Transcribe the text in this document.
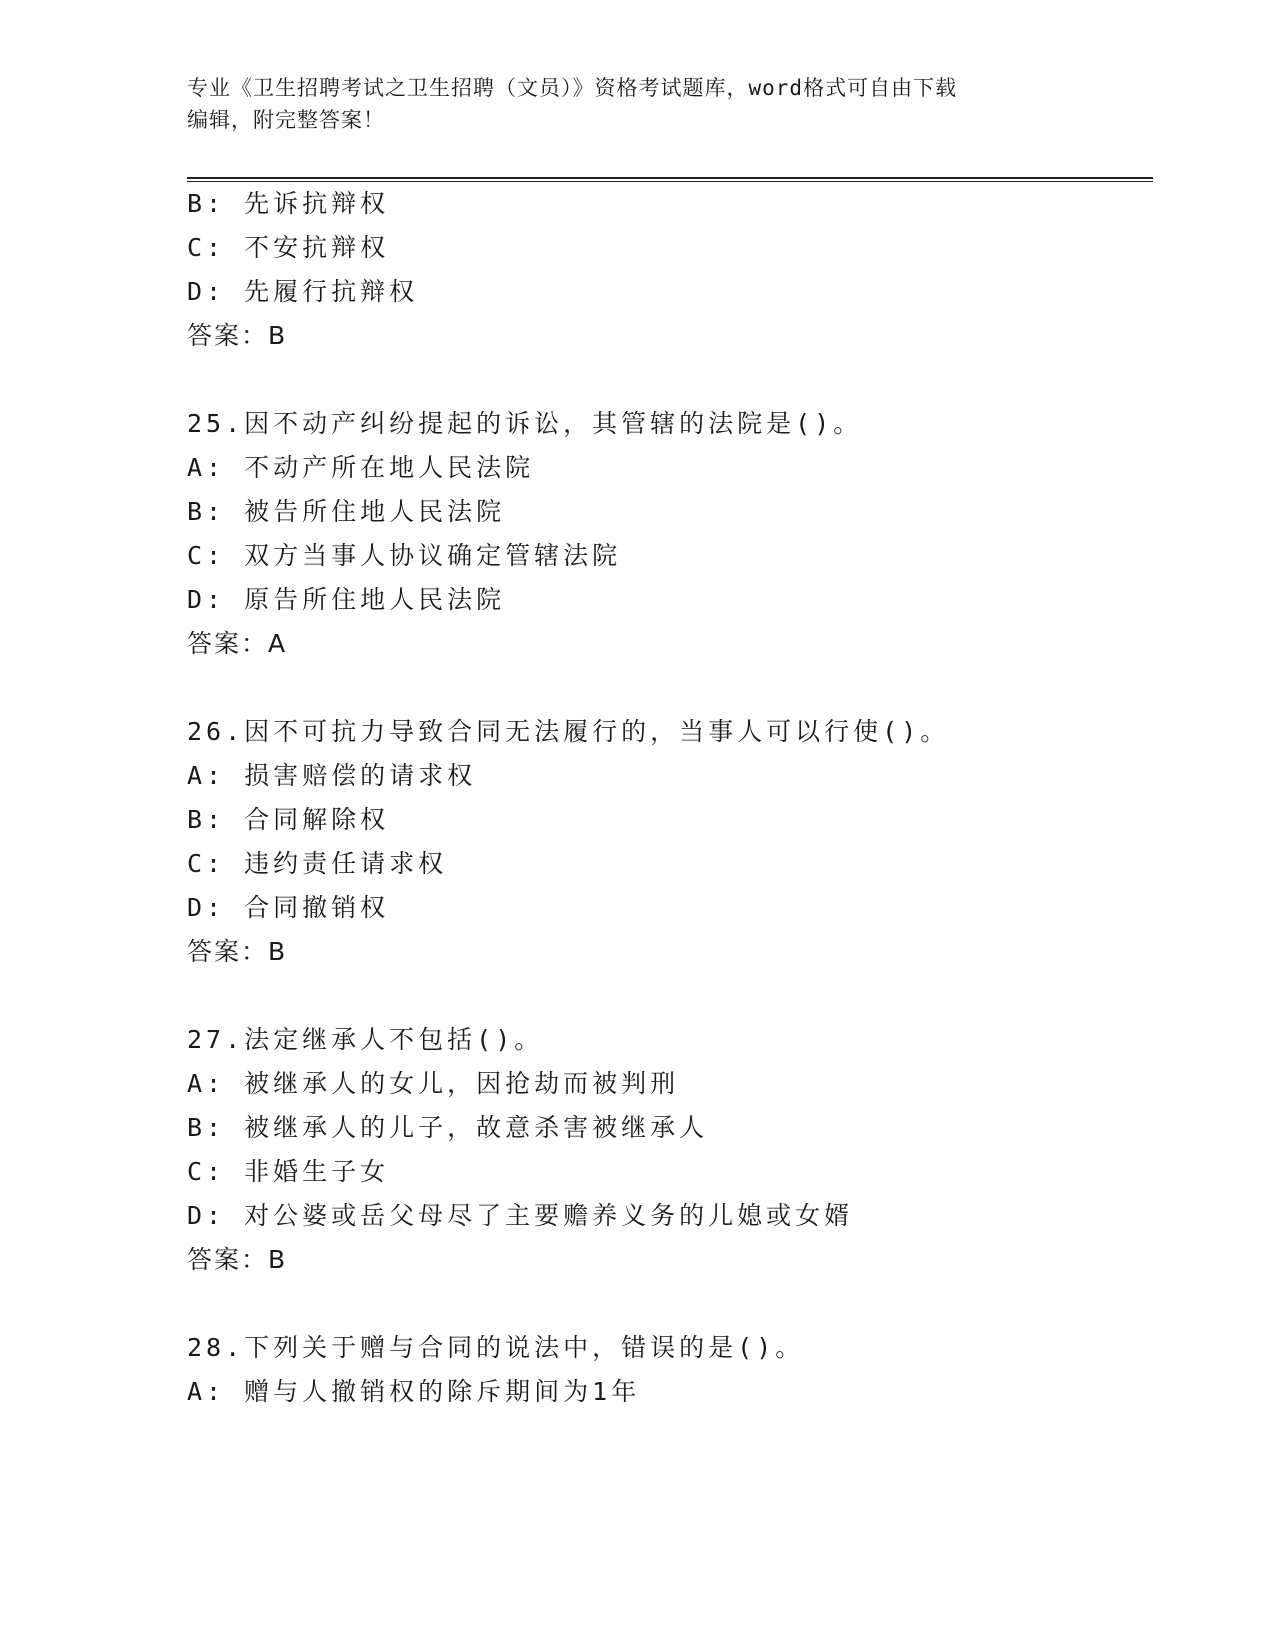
专业《卫生招聘考试之卫生招聘（文员）》资格考试题库，word格式可自由下载
编辑，附完整答案！
B: 先诉抗辩权
C: 不安抗辩权
D: 先履行抗辩权
答案：B
25.因不动产纠纷提起的诉讼，其管辖的法院是()。
A: 不动产所在地人民法院
B: 被告所住地人民法院
C: 双方当事人协议确定管辖法院
D: 原告所住地人民法院
答案：A
26.因不可抗力导致合同无法履行的，当事人可以行使()。
A: 损害赔偿的请求权
B: 合同解除权
C: 违约责任请求权
D: 合同撤销权
答案：B
27.法定继承人不包括()。
A: 被继承人的女儿，因抢劫而被判刑
B: 被继承人的儿子，故意杀害被继承人
C: 非婚生子女
D: 对公婆或岳父母尽了主要赡养义务的儿媳或女婿
答案：B
28.下列关于赠与合同的说法中，错误的是()。
A: 赠与人撤销权的除斥期间为1年
